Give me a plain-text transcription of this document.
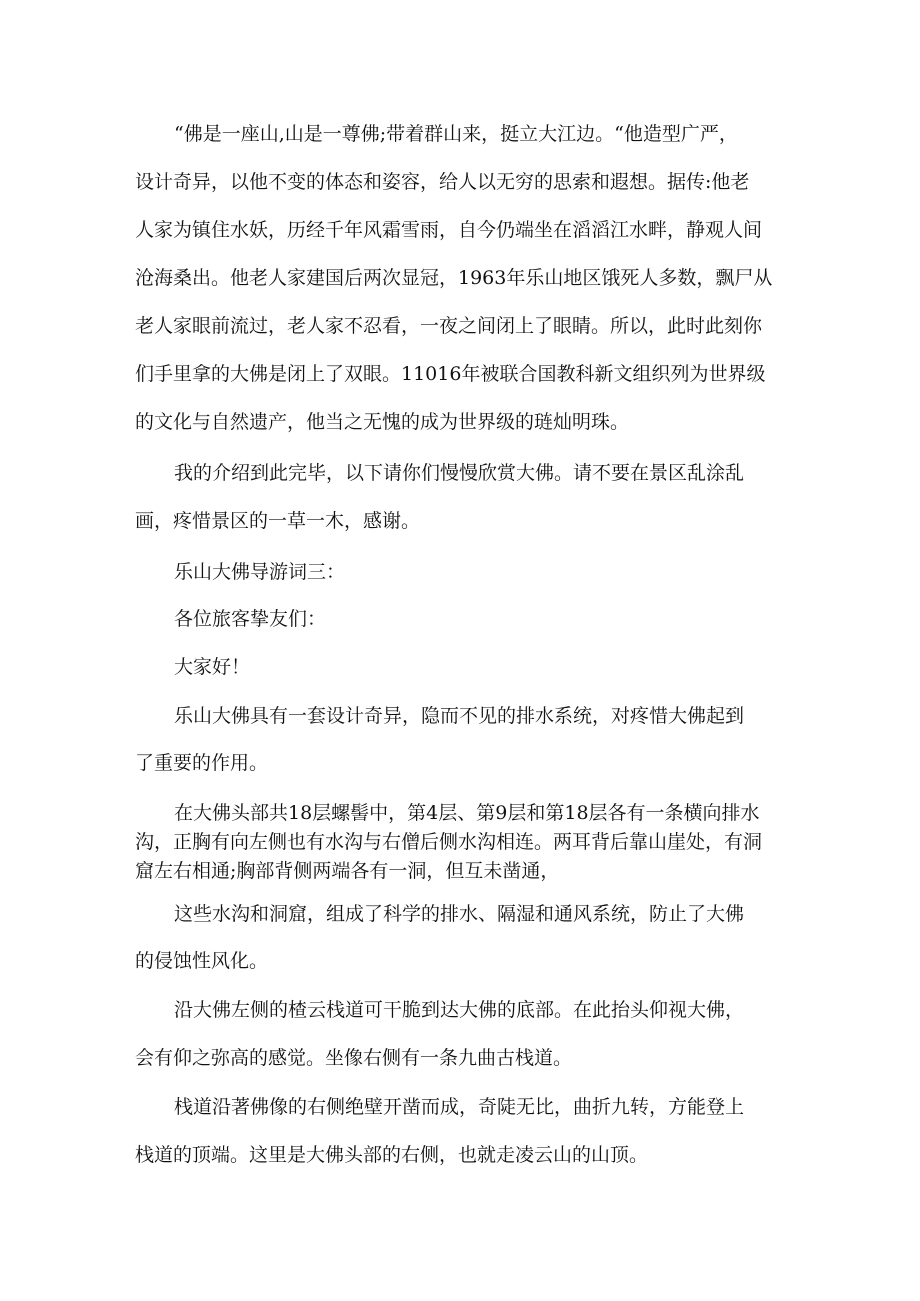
“佛是一座山,山是一尊佛;带着群山来，挺立大江边。“他造型广严，

设计奇异，以他不变的体态和姿容，给人以无穷的思索和遐想。据传:他老

人家为镇住水妖，历经千年风霜雪雨，自今仍端坐在滔滔江水畔，静观人间

沧海桑出。他老人家建国后两次显冠，1963年乐山地区饿死人多数，飘尸从

老人家眼前流过，老人家不忍看，一夜之间闭上了眼睛。所以，此时此刻你

们手里拿的大佛是闭上了双眼。11016年被联合国教科新文组织列为世界级

的文化与自然遗产，他当之无愧的成为世界级的琏灿明珠。

我的介绍到此完毕，以下请你们慢慢欣赏大佛。请不要在景区乱涂乱

画，疼惜景区的一草一木，感谢。

乐山大佛导游词三：

各位旅客挚友们：

大家好！

乐山大佛具有一套设计奇异，隐而不见的排水系统，对疼惜大佛起到

了重要的作用。

在大佛头部共18层螺髻中，第4层、第9层和第18层各有一条横向排水

沟，正胸有向左侧也有水沟与右僧后侧水沟相连。两耳背后靠山崖处，有洞

窟左右相通;胸部背侧两端各有一洞，但互未凿通，

这些水沟和洞窟，组成了科学的排水、隔湿和通风系统，防止了大佛

的侵蚀性风化。

沿大佛左侧的楂云栈道可干脆到达大佛的底部。在此抬头仰视大佛，

会有仰之弥高的感觉。坐像右侧有一条九曲古栈道。

栈道沿著佛像的右侧绝壁开凿而成，奇陡无比，曲折九转，方能登上

栈道的顶端。这里是大佛头部的右侧，也就走凌云山的山顶。
